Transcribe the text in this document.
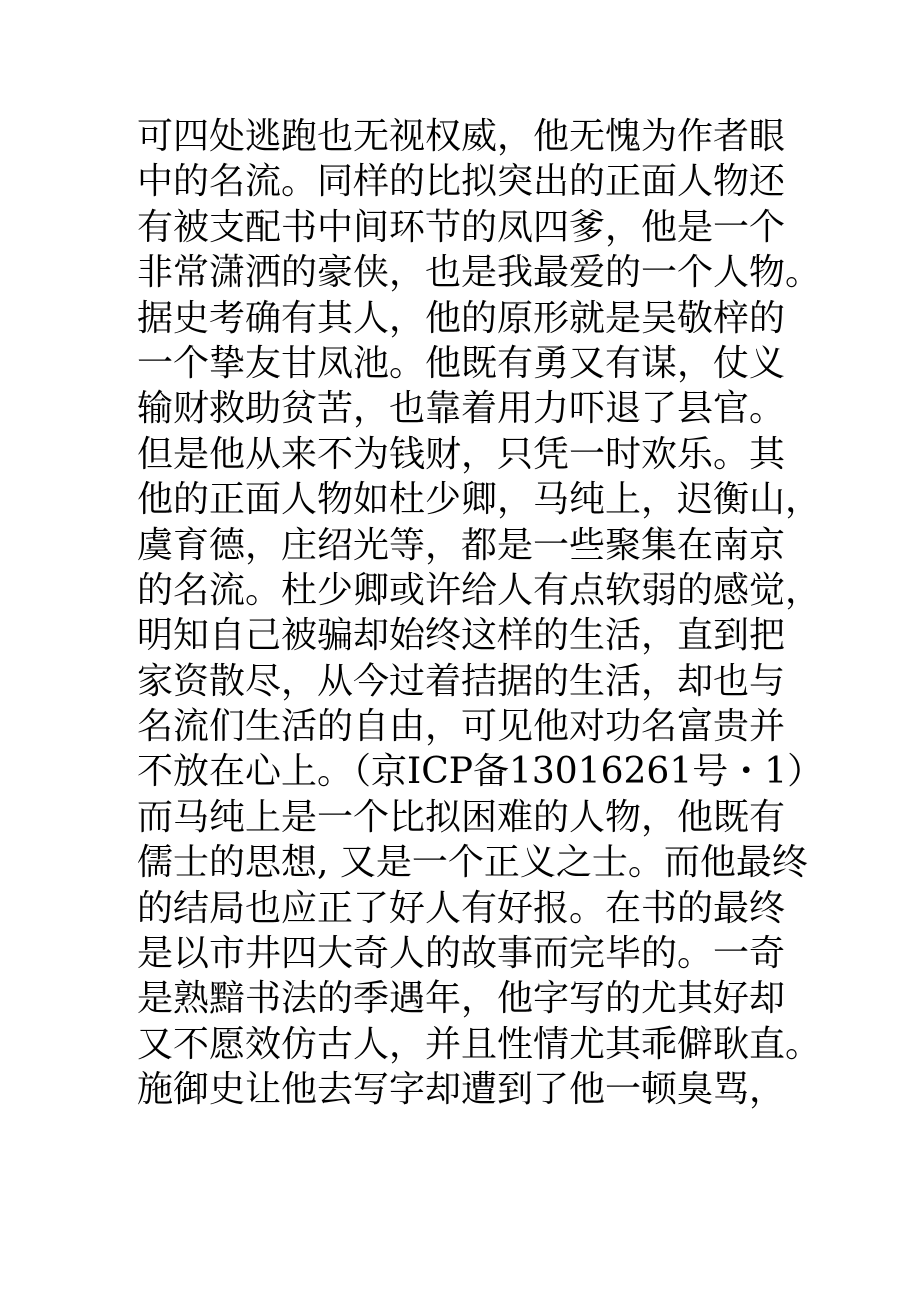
可四处逃跑也无视权威，他无愧为作者眼
中的名流。同样的比拟突出的正面人物还
有被支配书中间环节的凤四爹，他是一个
非常潇洒的豪侠，也是我最爱的一个人物。
据史考确有其人，他的原形就是吴敬梓的
一个挚友甘凤池。他既有勇又有谋，仗义
输财救助贫苦，也靠着用力吓退了县官。
但是他从来不为钱财，只凭一时欢乐。其
他的正面人物如杜少卿，马纯上，迟衡山，
虞育德，庄绍光等，都是一些聚集在南京
的名流。杜少卿或许给人有点软弱的感觉，
明知自己被骗却始终这样的生活，直到把
家资散尽，从今过着拮据的生活，却也与
名流们生活的自由，可见他对功名富贵并
不放在心上。（京ICP备13016261号・1）
而马纯上是一个比拟困难的人物，他既有
儒士的思想, 又是一个正义之士。而他最终
的结局也应正了好人有好报。在书的最终
是以市井四大奇人的故事而完毕的。一奇
是熟黯书法的季遇年，他字写的尤其好却
又不愿效仿古人，并且性情尤其乖僻耿直。
施御史让他去写字却遭到了他一顿臭骂，
